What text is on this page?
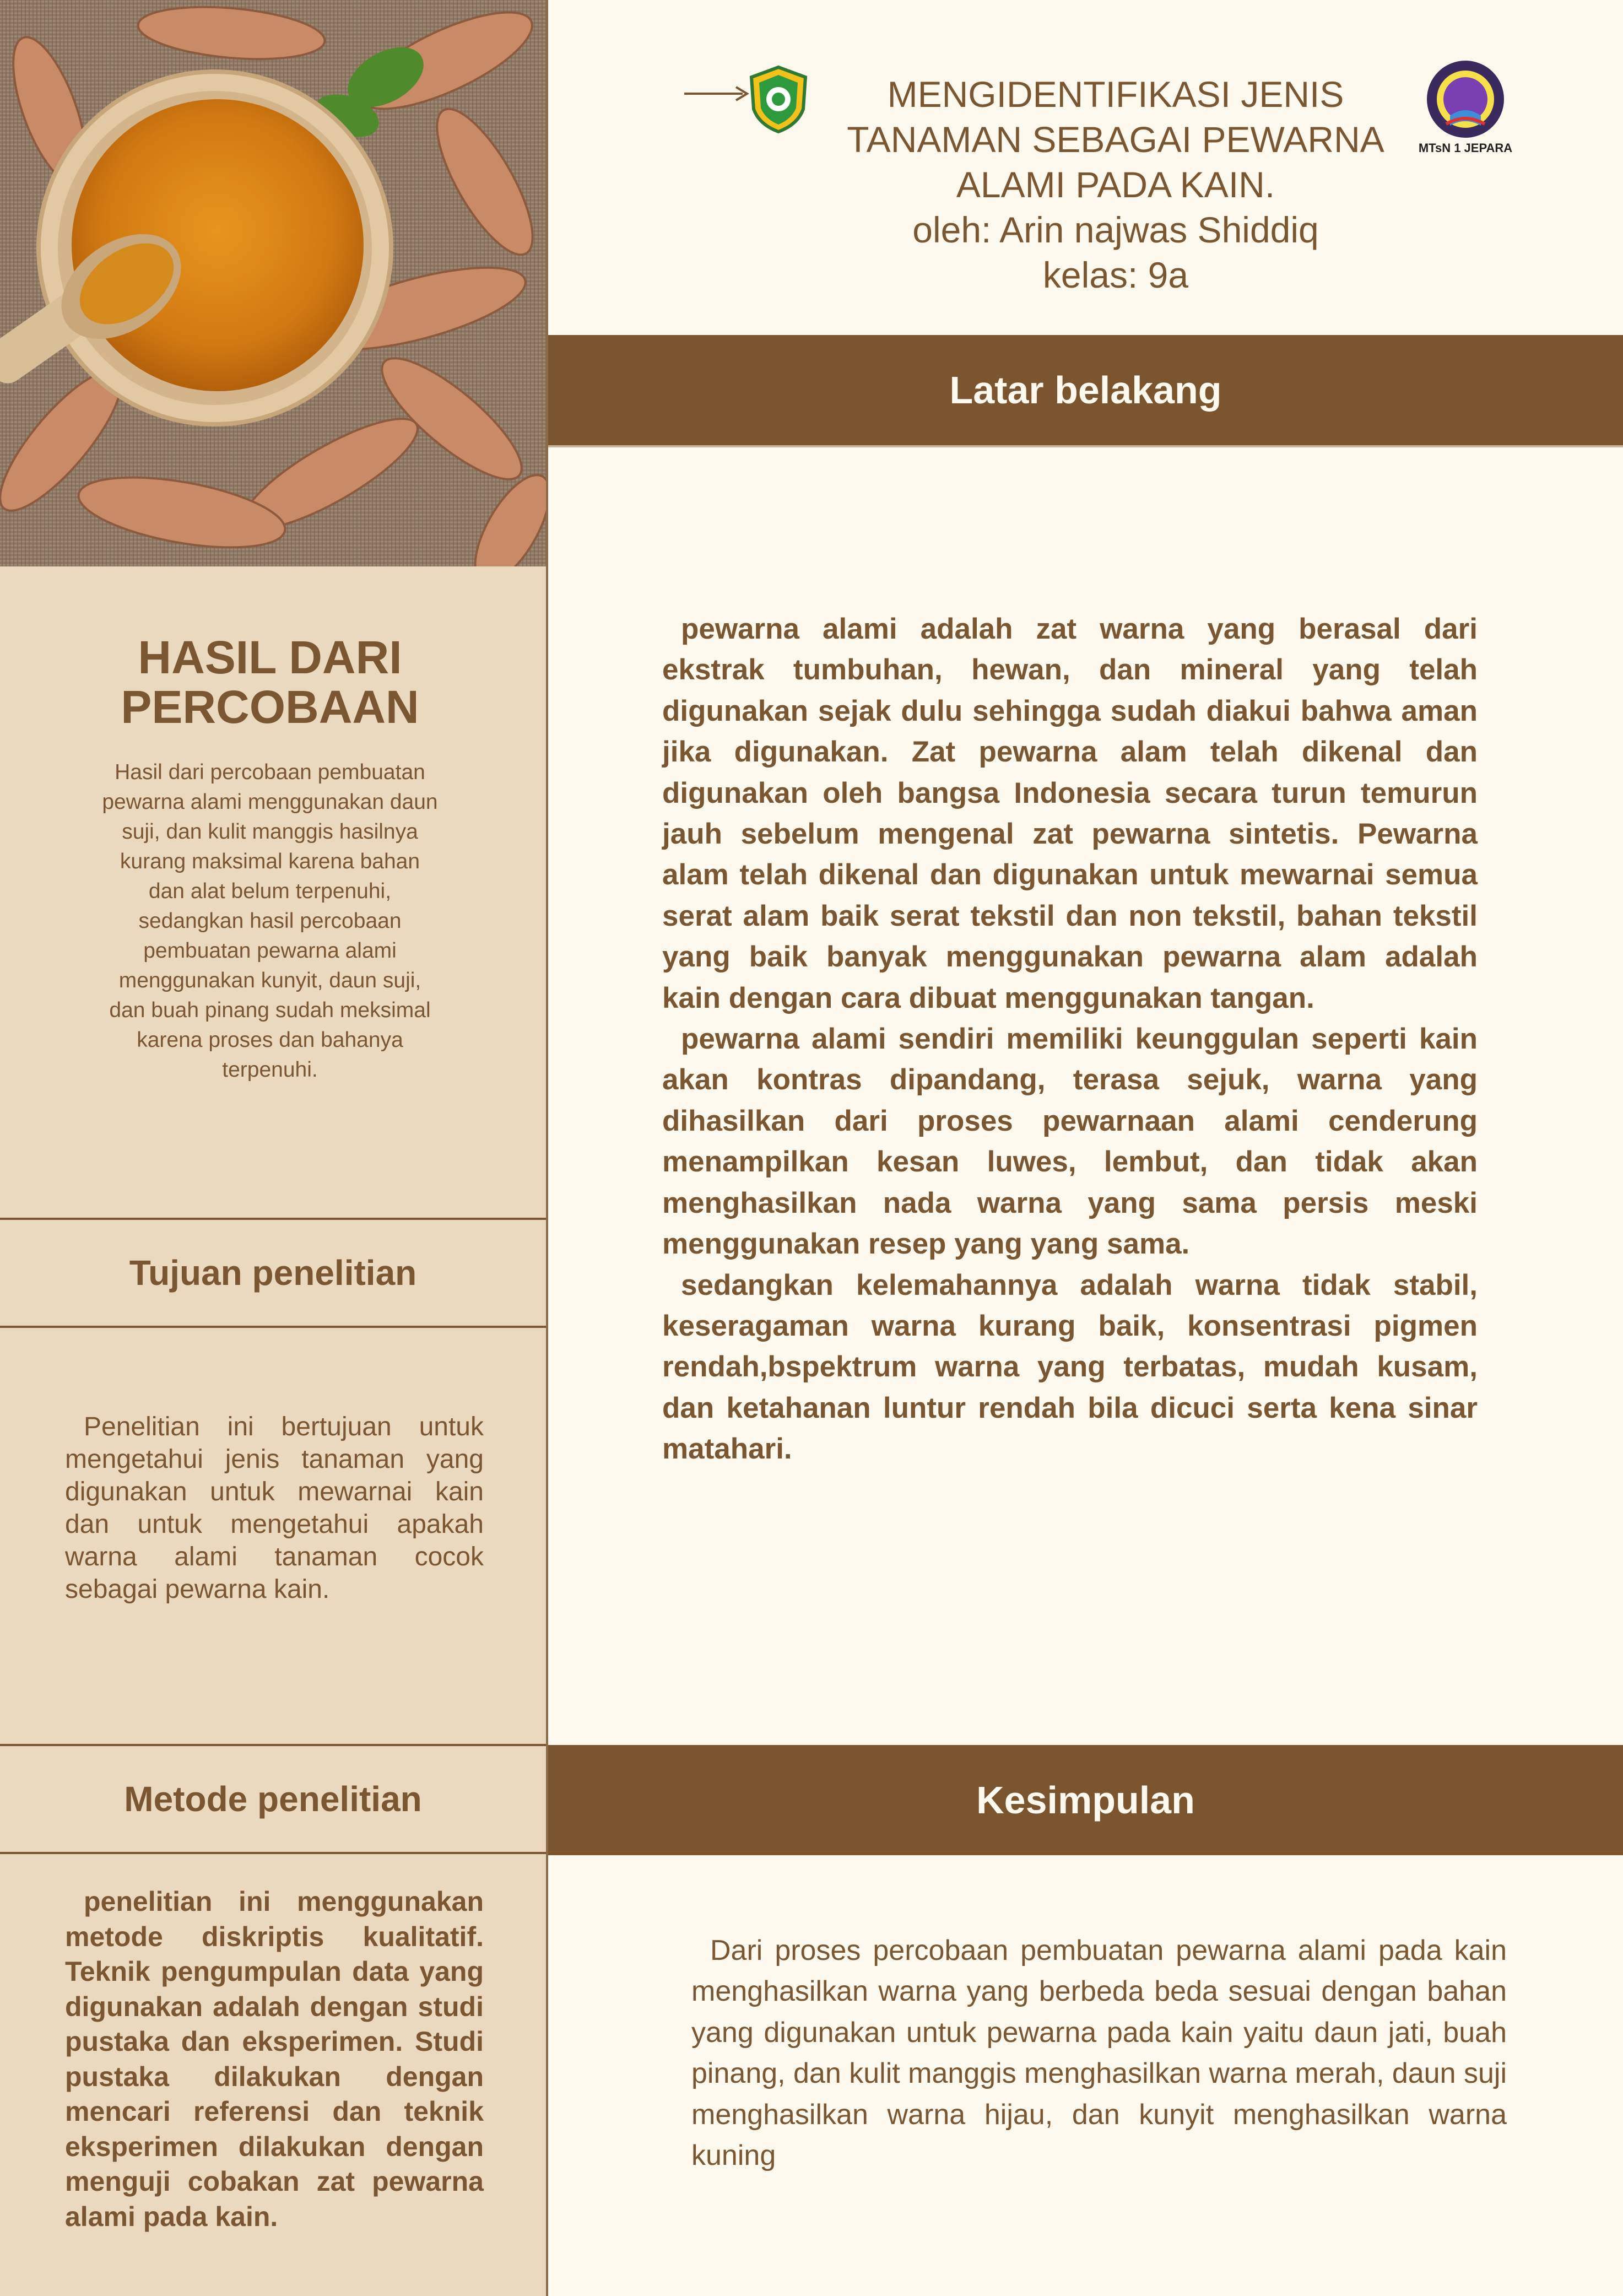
HASIL DARI
PERCOBAAN
Hasil dari percobaan pembuatan pewarna alami menggunakan daun suji, dan kulit manggis hasilnya kurang maksimal karena bahan dan alat belum terpenuhi, sedangkan hasil percobaan pembuatan pewarna alami menggunakan kunyit, daun suji, dan buah pinang sudah meksimal karena proses dan bahanya terpenuhi.
Tujuan penelitian
Penelitian ini bertujuan untuk mengetahui jenis tanaman yang digunakan untuk mewarnai kain dan untuk mengetahui apakah warna alami tanaman cocok sebagai pewarna kain.
Metode penelitian
penelitian ini menggunakan metode diskriptis kualitatif. Teknik pengumpulan data yang digunakan adalah dengan studi pustaka dan eksperimen. Studi pustaka dilakukan dengan mencari referensi dan teknik eksperimen dilakukan dengan menguji cobakan zat pewarna alami pada kain.
MENGIDENTIFIKASI JENIS
TANAMAN SEBAGAI PEWARNA
ALAMI PADA KAIN.
oleh: Arin najwas Shiddiq
kelas: 9a
MTsN 1 JEPARA
Latar belakang
pewarna alami adalah zat warna yang berasal dari ekstrak tumbuhan, hewan, dan mineral yang telah digunakan sejak dulu sehingga sudah diakui bahwa aman jika digunakan. Zat pewarna alam telah dikenal dan digunakan oleh bangsa Indonesia secara turun temurun jauh sebelum mengenal zat pewarna sintetis. Pewarna alam telah dikenal dan digunakan untuk mewarnai semua serat alam baik serat tekstil dan non tekstil, bahan tekstil yang baik banyak menggunakan pewarna alam adalah kain dengan cara dibuat menggunakan tangan.
pewarna alami sendiri memiliki keunggulan seperti kain akan kontras dipandang, terasa sejuk, warna yang dihasilkan dari proses pewarnaan alami cenderung menampilkan kesan luwes, lembut, dan tidak akan menghasilkan nada warna yang sama persis meski menggunakan resep yang yang sama.
sedangkan kelemahannya adalah warna tidak stabil, keseragaman warna kurang baik, konsentrasi pigmen rendah,bspektrum warna yang terbatas, mudah kusam, dan ketahanan luntur rendah bila dicuci serta kena sinar matahari.
Kesimpulan
Dari proses percobaan pembuatan pewarna alami pada kain menghasilkan warna yang berbeda beda sesuai dengan bahan yang digunakan untuk pewarna pada kain yaitu daun jati, buah pinang, dan kulit manggis menghasilkan warna merah, daun suji menghasilkan warna hijau, dan kunyit menghasilkan warna kuning
